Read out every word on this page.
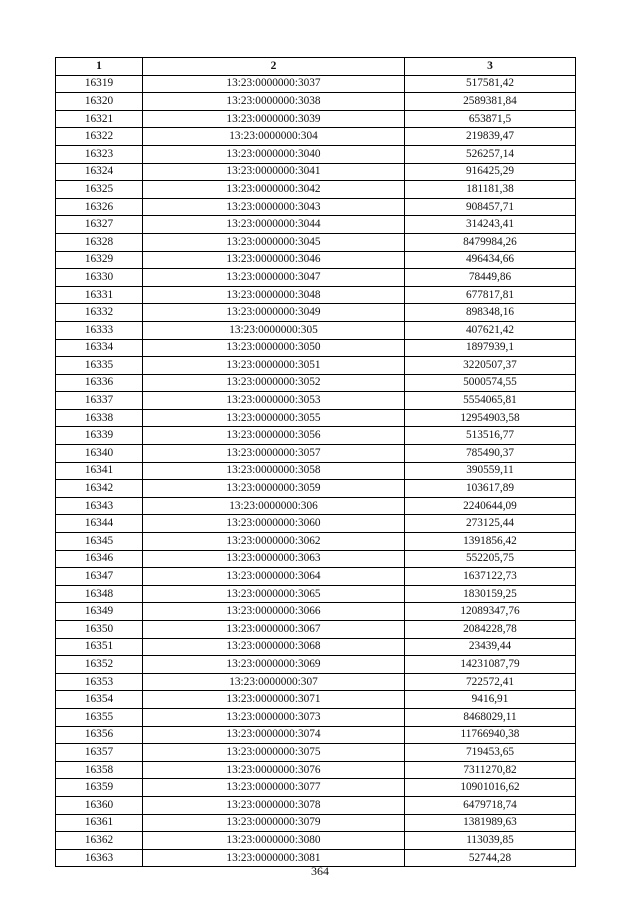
1	2	3
16319	13:23:0000000:3037	517581,42
16320	13:23:0000000:3038	2589381,84
16321	13:23:0000000:3039	653871,5
16322	13:23:0000000:304	219839,47
16323	13:23:0000000:3040	526257,14
16324	13:23:0000000:3041	916425,29
16325	13:23:0000000:3042	181181,38
16326	13:23:0000000:3043	908457,71
16327	13:23:0000000:3044	314243,41
16328	13:23:0000000:3045	8479984,26
16329	13:23:0000000:3046	496434,66
16330	13:23:0000000:3047	78449,86
16331	13:23:0000000:3048	677817,81
16332	13:23:0000000:3049	898348,16
16333	13:23:0000000:305	407621,42
16334	13:23:0000000:3050	1897939,1
16335	13:23:0000000:3051	3220507,37
16336	13:23:0000000:3052	5000574,55
16337	13:23:0000000:3053	5554065,81
16338	13:23:0000000:3055	12954903,58
16339	13:23:0000000:3056	513516,77
16340	13:23:0000000:3057	785490,37
16341	13:23:0000000:3058	390559,11
16342	13:23:0000000:3059	103617,89
16343	13:23:0000000:306	2240644,09
16344	13:23:0000000:3060	273125,44
16345	13:23:0000000:3062	1391856,42
16346	13:23:0000000:3063	552205,75
16347	13:23:0000000:3064	1637122,73
16348	13:23:0000000:3065	1830159,25
16349	13:23:0000000:3066	12089347,76
16350	13:23:0000000:3067	2084228,78
16351	13:23:0000000:3068	23439,44
16352	13:23:0000000:3069	14231087,79
16353	13:23:0000000:307	722572,41
16354	13:23:0000000:3071	9416,91
16355	13:23:0000000:3073	8468029,11
16356	13:23:0000000:3074	11766940,38
16357	13:23:0000000:3075	719453,65
16358	13:23:0000000:3076	7311270,82
16359	13:23:0000000:3077	10901016,62
16360	13:23:0000000:3078	6479718,74
16361	13:23:0000000:3079	1381989,63
16362	13:23:0000000:3080	113039,85
16363	13:23:0000000:3081	52744,28
364
